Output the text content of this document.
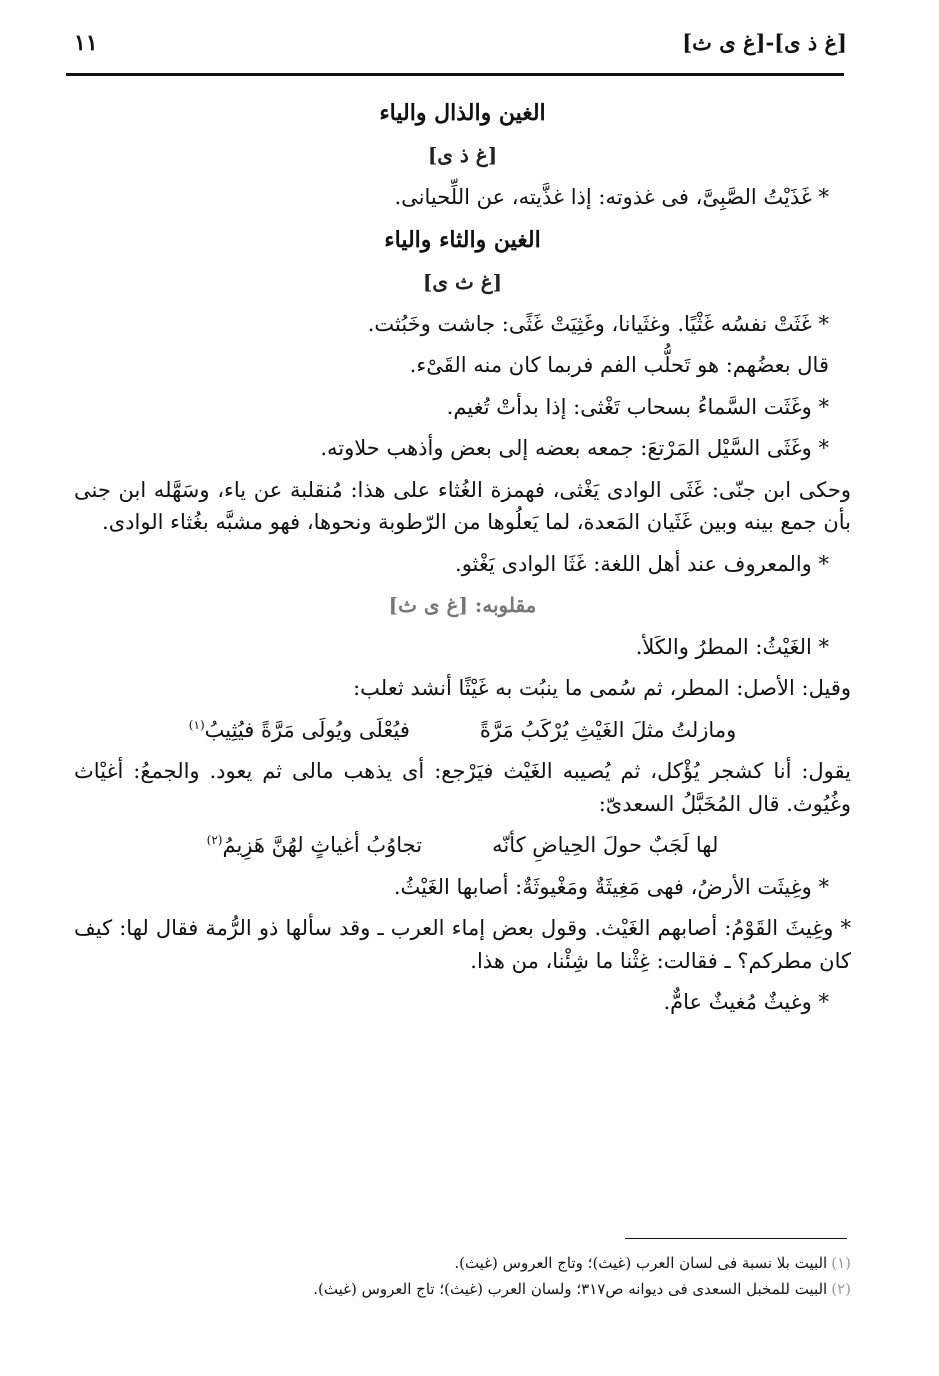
[غ ذ ی]-[غ ی ث]
١١
الغين والذال والياء
[غ ذ ی]

* غَذَيْتُ الصَّبِىَّ، فى غذوته: إذا غذَّيته، عن اللِّحيانى.

الغين والثاء والياء
[غ ث ی]

* غَثَتْ نفسُه غَثْيًا. وغثَيانا، وغَثِيَتْ غَثًى: جاشت وخَبُثت.

قال بعضُهم: هو تَحلُّب الفم فربما كان منه القَىْء.

* وغَثَت السَّماءُ بسحاب تَغْثى: إذا بدأتْ تُغيم.

* وغَثَى السَّيْل المَرْتعَ: جمعه بعضه إلى بعض وأذهب حلاوته.

وحكى ابن جنّى: غَثَى الوادى يَغْثى، فهمزة الغُثاء على هذا: مُنقلبة عن ياء، وسَهَّله ابن جنى بأن جمع بينه وبين غَثَيان المَعدة، لما يَعلُوها من الرّطوبة ونحوها، فهو مشبَّه بغُثاء الوادى.

* والمعروف عند أهل اللغة: غَثَا الوادى يَغْثو.

مقلوبه: [غ ی ث]

* الغَيْثُ: المطرُ والكَلأ.

وقيل: الأصل: المطر، ثم سُمى ما ينبُت به غَيْثًا أنشد ثعلب:

ومازلتُ مثلَ الغَيْثِ يُرْكَبُ مَرَّةً
فيُعْلَى ويُولَى مَرَّةً فيُثِيبُ$^{(١)}$

يقول: أنا كشجر يُؤْكل، ثم يُصيبه الغَيْث فيَرْجع: أى يذهب مالى ثم يعود. والجمعُ: أغيْاث وغُيُوث. قال المُخَبَّلُ السعدىّ:

لها لَجَبٌ حولَ الحِياضِ كأنّه
تجاوُبُ أغياثٍ لهُنَّ هَزِيمُ$^{(٢)}$

* وغِيثَت الأرضُ، فهى مَغِيثَةٌ ومَغْيوثَةٌ: أصابها الغَيْثُ.

* وغِيثَ القَوْمُ: أصابهم الغَيْث. وقول بعض إماء العرب ـ وقد سألها ذو الرُّمة فقال لها: كيف كان مطركم؟ ـ فقالت: غِثْنا ما شِئْنا، من هذا.

* وغيثٌ مُغيثٌ عامٌّ.

(١)البيت بلا نسبة فى لسان العرب (غيث)؛ وتاج العروس (غيث).
(٢)البيت للمخبل السعدى فى ديوانه ص٣١٧؛ ولسان العرب (غيث)؛ تاج العروس (غيث).
